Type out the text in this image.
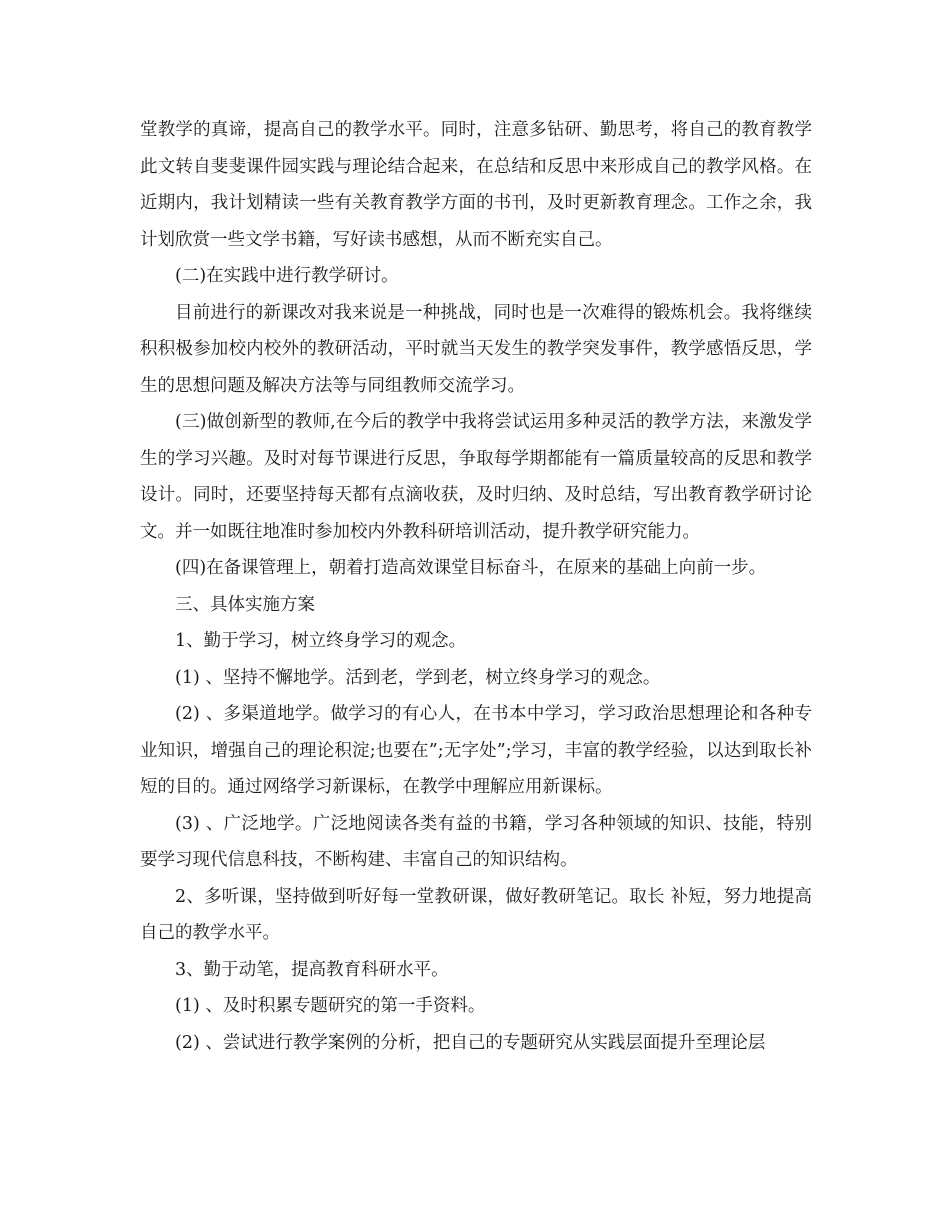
堂教学的真谛，提高自己的教学水平。同时，注意多钻研、勤思考，将自己的教育教学此文转自斐斐课件园实践与理论结合起来，在总结和反思中来形成自己的教学风格。在近期内，我计划精读一些有关教育教学方面的书刊，及时更新教育理念。工作之余，我计划欣赏一些文学书籍，写好读书感想，从而不断充实自己。

(二)在实践中进行教学研讨。

目前进行的新课改对我来说是一种挑战，同时也是一次难得的锻炼机会。我将继续积积极参加校内校外的教研活动，平时就当天发生的教学突发事件，教学感悟反思，学生的思想问题及解决方法等与同组教师交流学习。

(三)做创新型的教师,在今后的教学中我将尝试运用多种灵活的教学方法，来激发学生的学习兴趣。及时对每节课进行反思，争取每学期都能有一篇质量较高的反思和教学设计。同时，还要坚持每天都有点滴收获，及时归纳、及时总结，写出教育教学研讨论文。并一如既往地准时参加校内外教科研培训活动，提升教学研究能力。

(四)在备课管理上，朝着打造高效课堂目标奋斗，在原来的基础上向前一步。

三、具体实施方案

1、勤于学习，树立终身学习的观念。

(1) 、坚持不懈地学。活到老，学到老，树立终身学习的观念。

(2) 、多渠道地学。做学习的有心人，在书本中学习，学习政治思想理论和各种专业知识，增强自己的理论积淀;也要在”;无字处”;学习，丰富的教学经验，以达到取长补短的目的。通过网络学习新课标，在教学中理解应用新课标。

(3) 、广泛地学。广泛地阅读各类有益的书籍，学习各种领域的知识、技能，特别要学习现代信息科技，不断构建、丰富自己的知识结构。

2、多听课，坚持做到听好每一堂教研课，做好教研笔记。取长 补短，努力地提高自己的教学水平。

3、勤于动笔，提高教育科研水平。

(1) 、及时积累专题研究的第一手资料。

(2) 、尝试进行教学案例的分析，把自己的专题研究从实践层面提升至理论层
